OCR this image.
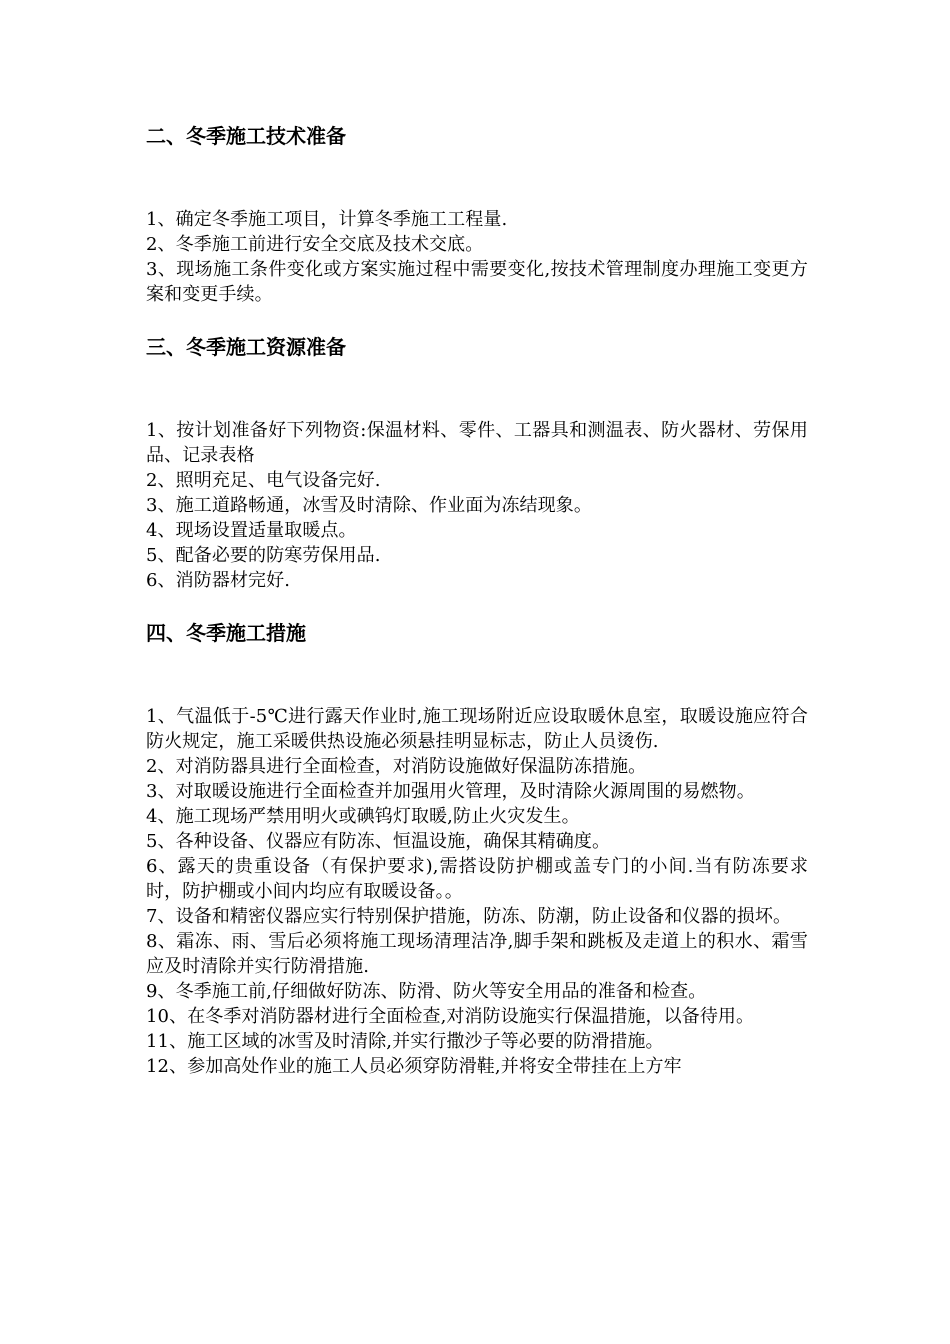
二、冬季施工技术准备

1、确定冬季施工项目，计算冬季施工工程量.

2、冬季施工前进行安全交底及技术交底。

3、现场施工条件变化或方案实施过程中需要变化,按技术管理制度办理施工变更方案和变更手续。

三、冬季施工资源准备

1、按计划准备好下列物资:保温材料、零件、工器具和测温表、防火器材、劳保用品、记录表格

2、照明充足、电气设备完好.

3、施工道路畅通，冰雪及时清除、作业面为冻结现象。

4、现场设置适量取暖点。

5、配备必要的防寒劳保用品.

6、消防器材完好.

四、冬季施工措施

1、气温低于-5℃进行露天作业时,施工现场附近应设取暖休息室，取暖设施应符合防火规定，施工采暖供热设施必须悬挂明显标志，防止人员烫伤.

2、对消防器具进行全面检查，对消防设施做好保温防冻措施。

3、对取暖设施进行全面检查并加强用火管理，及时清除火源周围的易燃物。

4、施工现场严禁用明火或碘钨灯取暖,防止火灾发生。

5、各种设备、仪器应有防冻、恒温设施，确保其精确度。

6、露天的贵重设备（有保护要求),需搭设防护棚或盖专门的小间.当有防冻要求时，防护棚或小间内均应有取暖设备。。

7、设备和精密仪器应实行特别保护措施，防冻、防潮，防止设备和仪器的损坏。

8、霜冻、雨、雪后必须将施工现场清理洁净,脚手架和跳板及走道上的积水、霜雪应及时清除并实行防滑措施.

9、冬季施工前,仔细做好防冻、防滑、防火等安全用品的准备和检查。

10、在冬季对消防器材进行全面检查,对消防设施实行保温措施，以备待用。

11、施工区域的冰雪及时清除,并实行撒沙子等必要的防滑措施。

12、参加高处作业的施工人员必须穿防滑鞋,并将安全带挂在上方牢
